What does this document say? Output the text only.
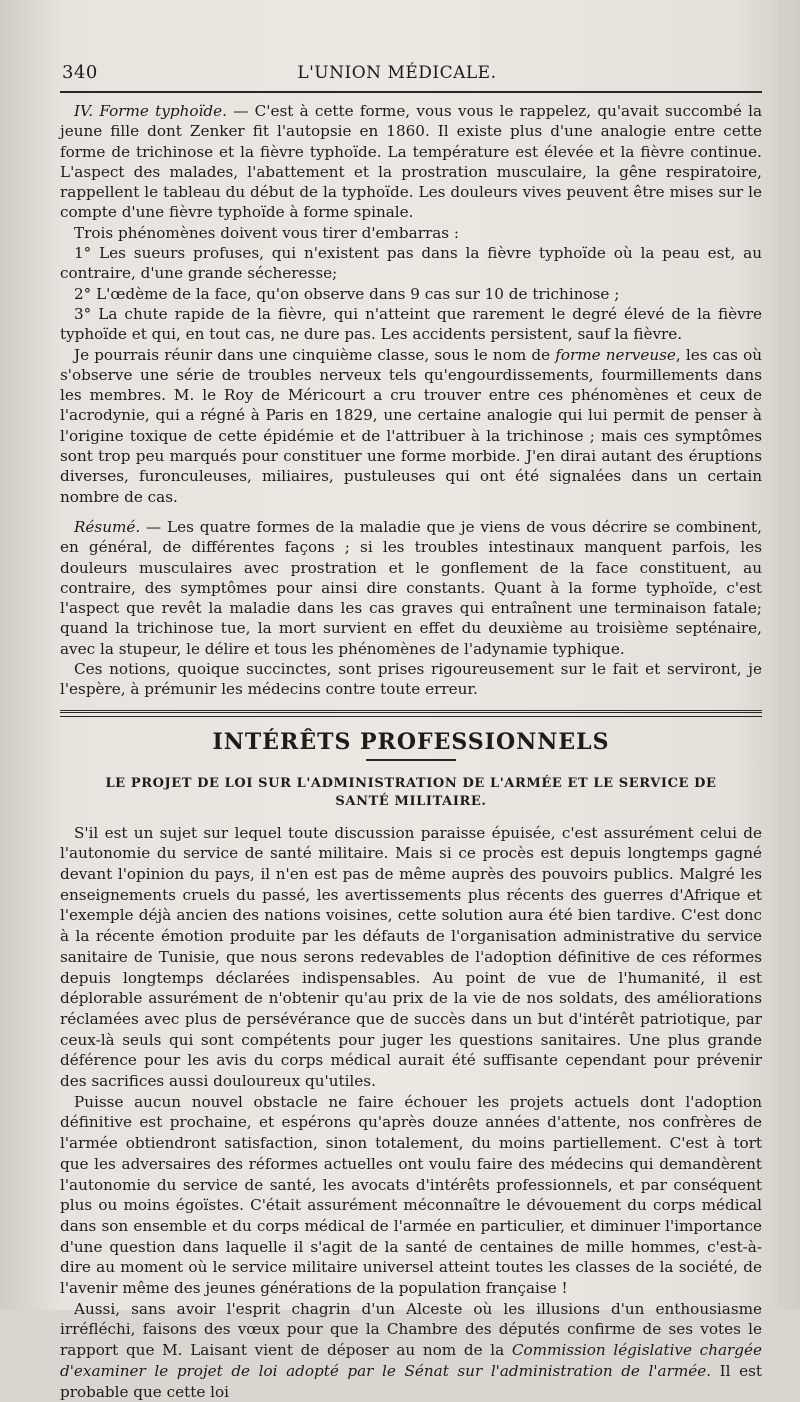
340	L'UNION MÉDICALE.

IV. Forme typhoïde. — C'est à cette forme, vous vous le rappelez, qu'avait succombé la jeune fille dont Zenker fit l'autopsie en 1860. Il existe plus d'une analogie entre cette forme de trichinose et la fièvre typhoïde. La température est élevée et la fièvre continue. L'aspect des malades, l'abattement et la prostration musculaire, la gêne respiratoire, rappellent le tableau du début de la typhoïde. Les douleurs vives peuvent être mises sur le compte d'une fièvre typhoïde à forme spinale.

Trois phénomènes doivent vous tirer d'embarras :

1° Les sueurs profuses, qui n'existent pas dans la fièvre typhoïde où la peau est, au contraire, d'une grande sécheresse;

2° L'œdème de la face, qu'on observe dans 9 cas sur 10 de trichinose ;

3° La chute rapide de la fièvre, qui n'atteint que rarement le degré élevé de la fièvre typhoïde et qui, en tout cas, ne dure pas. Les accidents persistent, sauf la fièvre.

Je pourrais réunir dans une cinquième classe, sous le nom de forme nerveuse, les cas où s'observe une série de troubles nerveux tels qu'engourdissements, fourmillements dans les membres. M. le Roy de Méricourt a cru trouver entre ces phénomènes et ceux de l'acrodynie, qui a régné à Paris en 1829, une certaine analogie qui lui permit de penser à l'origine toxique de cette épidémie et de l'attribuer à la trichinose ; mais ces symptômes sont trop peu marqués pour constituer une forme morbide. J'en dirai autant des éruptions diverses, furonculeuses, miliaires, pustuleuses qui ont été signalées dans un certain nombre de cas.

Résumé. — Les quatre formes de la maladie que je viens de vous décrire se combinent, en général, de différentes façons ; si les troubles intestinaux manquent parfois, les douleurs musculaires avec prostration et le gonflement de la face constituent, au contraire, des symptômes pour ainsi dire constants. Quant à la forme typhoïde, c'est l'aspect que revêt la maladie dans les cas graves qui entraînent une terminaison fatale; quand la trichinose tue, la mort survient en effet du deuxième au troisième septénaire, avec la stupeur, le délire et tous les phénomènes de l'adynamie typhique.

Ces notions, quoique succinctes, sont prises rigoureusement sur le fait et serviront, je l'espère, à prémunir les médecins contre toute erreur.

INTÉRÊTS PROFESSIONNELS
LE PROJET DE LOI SUR L'ADMINISTRATION DE L'ARMÉE ET LE SERVICE DE SANTÉ MILITAIRE.

S'il est un sujet sur lequel toute discussion paraisse épuisée, c'est assurément celui de l'autonomie du service de santé militaire. Mais si ce procès est depuis longtemps gagné devant l'opinion du pays, il n'en est pas de même auprès des pouvoirs publics. Malgré les enseignements cruels du passé, les avertissements plus récents des guerres d'Afrique et l'exemple déjà ancien des nations voisines, cette solution aura été bien tardive. C'est donc à la récente émotion produite par les défauts de l'organisation administrative du service sanitaire de Tunisie, que nous serons redevables de l'adoption définitive de ces réformes depuis longtemps déclarées indispensables. Au point de vue de l'humanité, il est déplorable assurément de n'obtenir qu'au prix de la vie de nos soldats, des améliorations réclamées avec plus de persévérance que de succès dans un but d'intérêt patriotique, par ceux-là seuls qui sont compétents pour juger les questions sanitaires. Une plus grande déférence pour les avis du corps médical aurait été suffisante cependant pour prévenir des sacrifices aussi douloureux qu'utiles.

Puisse aucun nouvel obstacle ne faire échouer les projets actuels dont l'adoption définitive est prochaine, et espérons qu'après douze années d'attente, nos confrères de l'armée obtiendront satisfaction, sinon totalement, du moins partiellement. C'est à tort que les adversaires des réformes actuelles ont voulu faire des médecins qui demandèrent l'autonomie du service de santé, les avocats d'intérêts professionnels, et par conséquent plus ou moins égoïstes. C'était assurément méconnaître le dévouement du corps médical dans son ensemble et du corps médical de l'armée en particulier, et diminuer l'importance d'une question dans laquelle il s'agit de la santé de centaines de mille hommes, c'est-à-dire au moment où le service militaire universel atteint toutes les classes de la société, de l'avenir même des jeunes générations de la population française !

Aussi, sans avoir l'esprit chagrin d'un Alceste où les illusions d'un enthousiasme irréfléchi, faisons des vœux pour que la Chambre des députés confirme de ses votes le rapport que M. Laisant vient de déposer au nom de la Commission législative chargée d'examiner le projet de loi adopté par le Sénat sur l'administration de l'armée. Il est probable que cette loi
